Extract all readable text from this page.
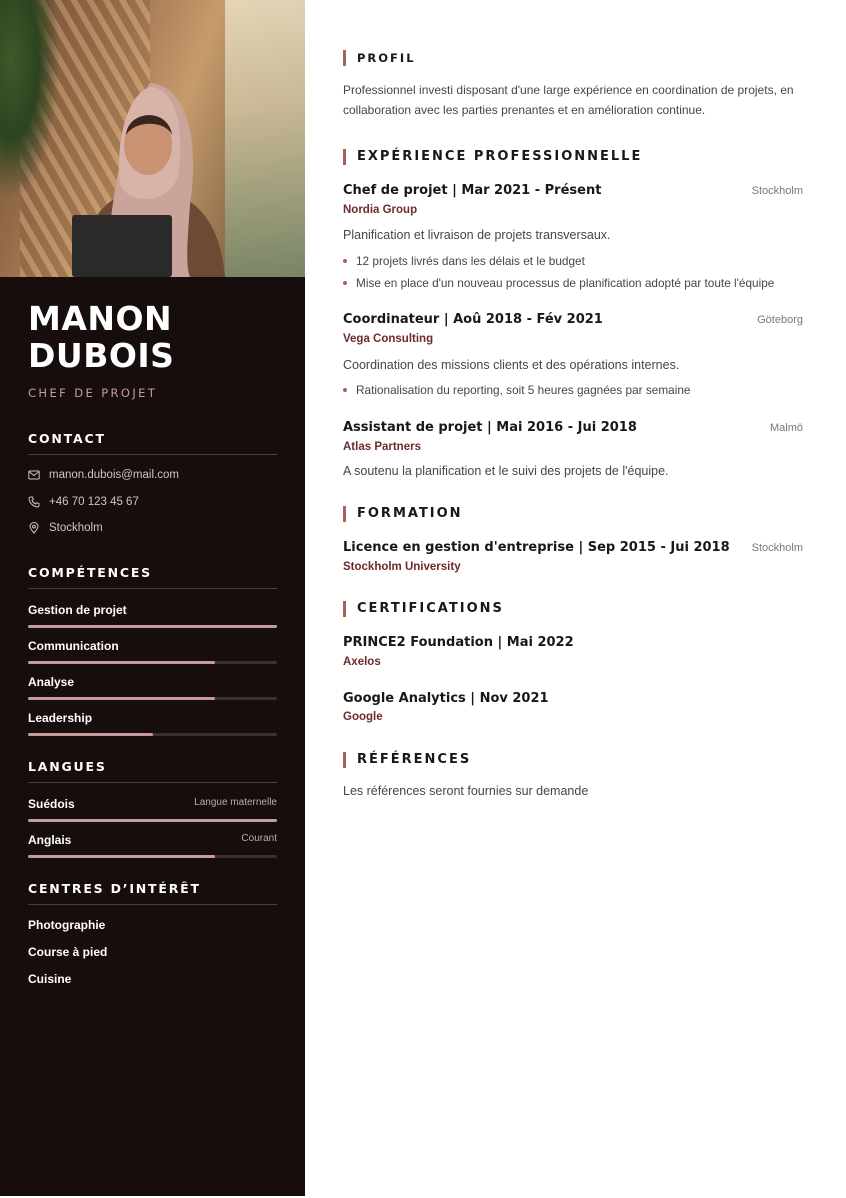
MANON
DUBOIS
CHEF DE PROJET
CONTACT
manon.dubois@mail.com
+46 70 123 45 67
Stockholm
COMPÉTENCES
Gestion de projet
Communication
Analyse
Leadership
LANGUES
Suédois	Langue maternelle
Anglais	Courant
CENTRES D’INTÉRÊT
Photographie
Course à pied
Cuisine
PROFIL
Professionnel investi disposant d'une large expérience en coordination de projets, en collaboration avec les parties prenantes et en amélioration continue.
EXPÉRIENCE PROFESSIONNELLE
Chef de projet | Mar 2021 - Présent	Stockholm
Nordia Group
Planification et livraison de projets transversaux.
12 projets livrés dans les délais et le budget
Mise en place d'un nouveau processus de planification adopté par toute l'équipe
Coordinateur | Aoû 2018 - Fév 2021	Göteborg
Vega Consulting
Coordination des missions clients et des opérations internes.
Rationalisation du reporting, soit 5 heures gagnées par semaine
Assistant de projet | Mai 2016 - Jui 2018	Malmö
Atlas Partners
A soutenu la planification et le suivi des projets de l'équipe.
FORMATION
Licence en gestion d'entreprise | Sep 2015 - Jui 2018 Stockholm
Stockholm University
CERTIFICATIONS
PRINCE2 Foundation | Mai 2022
Axelos
Google Analytics | Nov 2021
Google
RÉFÉRENCES
Les références seront fournies sur demande
